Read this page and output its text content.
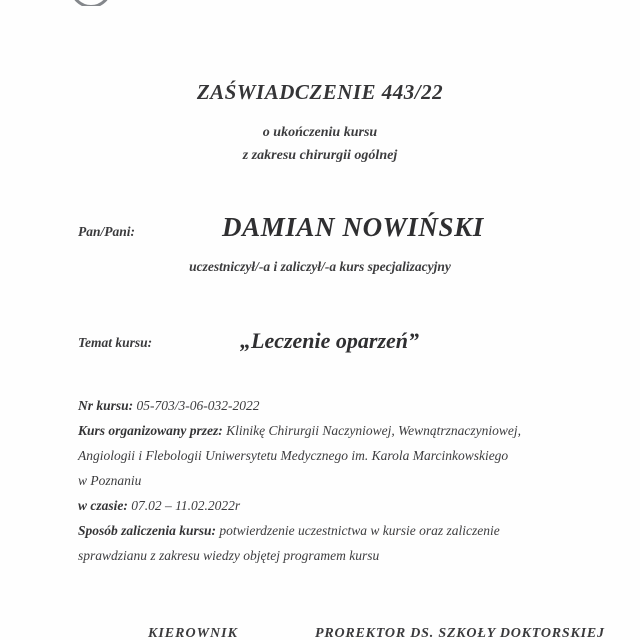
ZAŚWIADCZENIE 443/22
o ukończeniu kursu
z zakresu chirurgii ogólnej
Pan/Pani:	DAMIAN NOWIŃSKI
uczestniczył/-a i zaliczył/-a kurs specjalizacyjny
Temat kursu:	„Leczenie oparzeń”
Nr kursu: 05-703/3-06-032-2022
Kurs organizowany przez: Klinikę Chirurgii Naczyniowej, Wewnątrznaczyniowej,
Angiologii i Flebologii Uniwersytetu Medycznego im. Karola Marcinkowskiego
w Poznaniu
w czasie: 07.02 – 11.02.2022r
Sposób zaliczenia kursu: potwierdzenie uczestnictwa w kursie oraz zaliczenie
sprawdzianu z zakresu wiedzy objętej programem kursu
KIEROWNIK	PROREKTOR DS. SZKOŁY DOKTORSKIEJ
